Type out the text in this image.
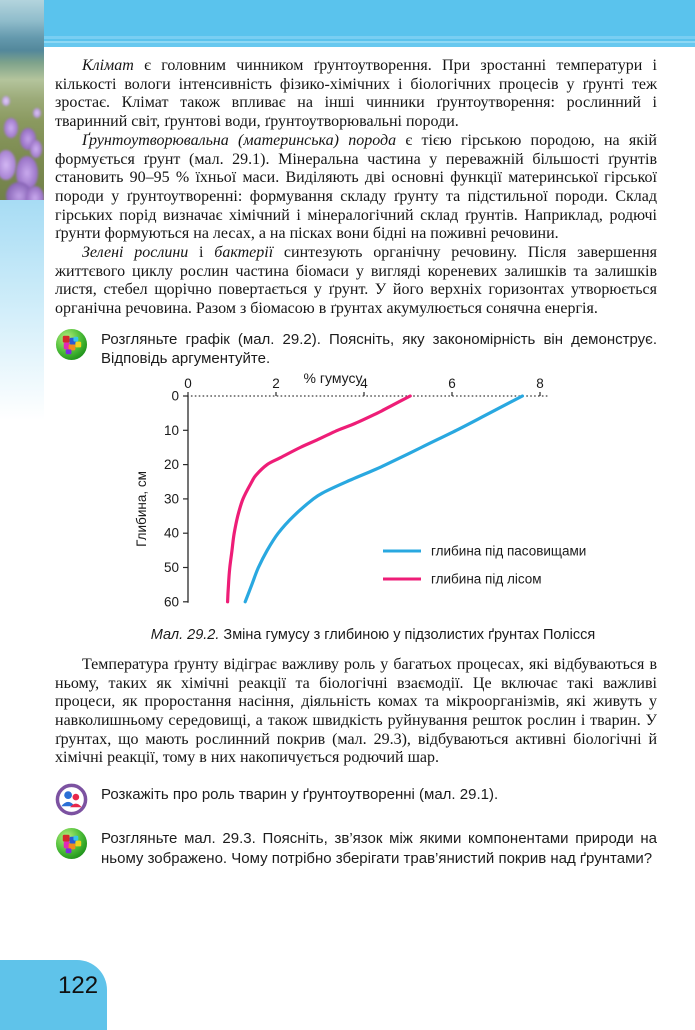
122

Клімат є головним чинником ґрунтоутворення. При зростанні температури і кількості вологи інтенсивність фізико-хімічних і біологічних процесів у ґрунті теж зростає. Клімат також впливає на інші чинники ґрунтоутворення: рослинний і тваринний світ, ґрунтові води, ґрунтоутворювальні породи.

Ґрунтоутворювальна (материнська) порода є тією гірською породою, на якій формується ґрунт (мал. 29.1). Мінеральна частина у переважній більшості ґрунтів становить 90–95 % їхньої маси. Виділяють дві основні функції материнської гірської породи у ґрунтоутворенні: формування складу ґрунту та підстильної породи. Склад гірських порід визначає хімічний і мінералогічний склад ґрунтів. Наприклад, родючі ґрунти формуються на лесах, а на пісках вони бідні на поживні речовини.

Зелені рослини і бактерії синтезують органічну речовину. Після завершення життєвого циклу рослин частина біомаси у вигляді кореневих залишків та залишків листя, стебел щорічно повертається у ґрунт. У його верхніх горизонтах утворюється органічна речовина. Разом з біомасою в ґрунтах акумулюється сонячна енергія.

Розгляньте графік (мал. 29.2). Поясніть, яку закономірність він демонструє. Відповідь аргументуйте.
0	2	4	6	8
0
10
20
30
40
50
60
% гумусу
Глибина, см
глибина під пасовищами
глибина під лісом
Мал. 29.2. Зміна гумусу з глибиною у підзолистих ґрунтах Полісся

Температура ґрунту відіграє важливу роль у багатьох процесах, які відбуваються в ньому, таких як хімічні реакції та біологічні взаємодії. Це включає такі важливі процеси, як проростання насіння, діяльність комах та мікроорганізмів, які живуть у навколишньому середовищі, а також швидкість руйнування решток рослин і тварин. У ґрунтах, що мають рослинний покрив (мал. 29.3), відбуваються активні біологічні й хімічні реакції, тому в них накопичується родючий шар.

Розкажіть про роль тварин у ґрунтоутворенні (мал. 29.1).
Розгляньте мал. 29.3. Поясніть, зв’язок між якими компонентами природи на ньому зображено. Чому потрібно зберігати трав’янистий покрив над ґрунтами?
